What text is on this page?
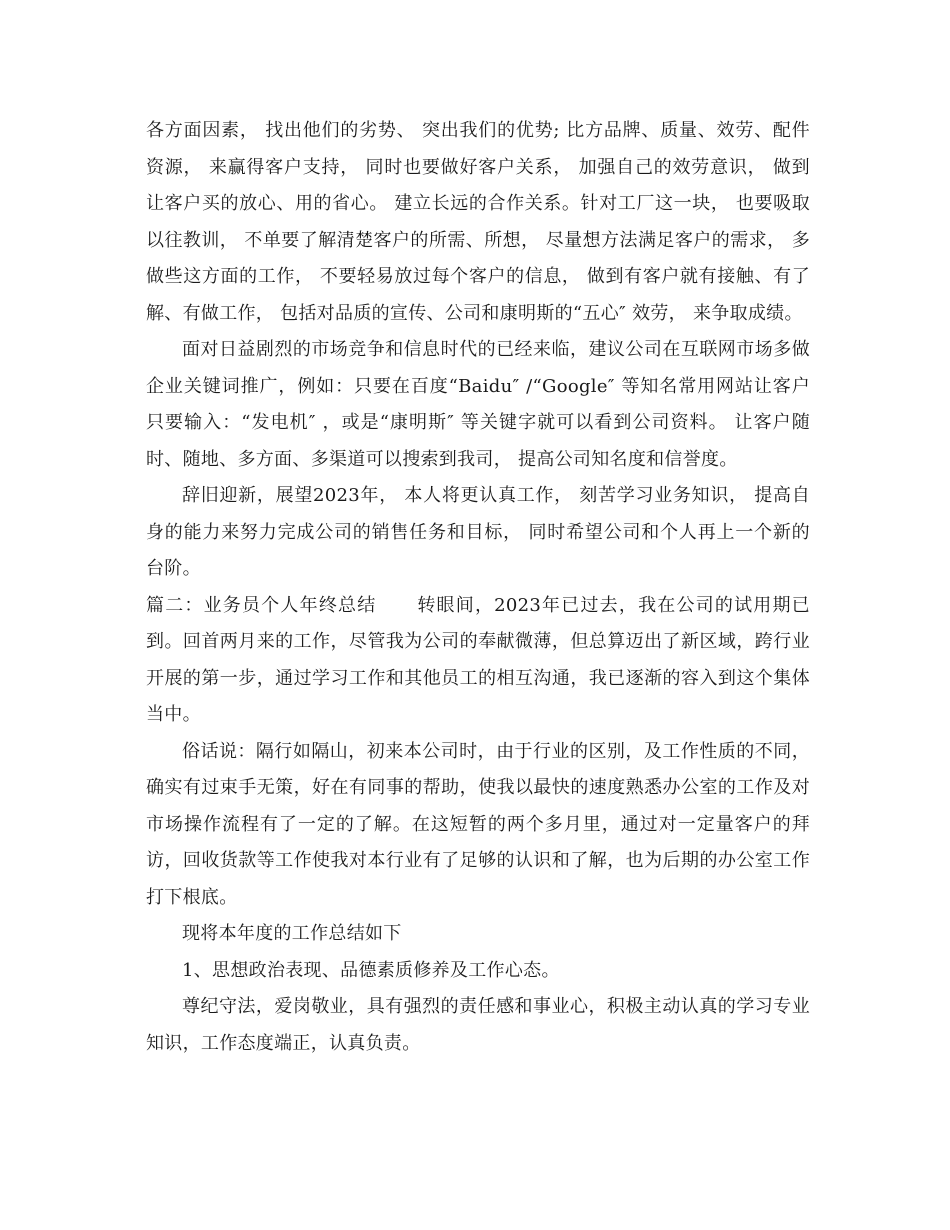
各方面因素， 找出他们的劣势、 突出我们的优势; 比方品牌、质量、效劳、配件资源， 来赢得客户支持， 同时也要做好客户关系， 加强自己的效劳意识， 做到让客户买的放心、用的省心。 建立长远的合作关系。针对工厂这一块， 也要吸取以往教训， 不单要了解清楚客户的所需、所想， 尽量想方法满足客户的需求， 多做些这方面的工作， 不要轻易放过每个客户的信息， 做到有客户就有接触、有了解、有做工作， 包括对品质的宣传、公司和康明斯的“五心″ 效劳， 来争取成绩。

面对日益剧烈的市场竞争和信息时代的已经来临，建议公司在互联网市场多做企业关键词推广，例如：只要在百度“Baidu″ /“Google″ 等知名常用网站让客户只要输入：“发电机″ ，或是“康明斯″ 等关键字就可以看到公司资料。 让客户随时、随地、多方面、多渠道可以搜索到我司， 提高公司知名度和信誉度。

辞旧迎新，展望2023年， 本人将更认真工作， 刻苦学习业务知识， 提高自身的能力来努力完成公司的销售任务和目标， 同时希望公司和个人再上一个新的台阶。

篇二：业务员个人年终总结 转眼间，2023年已过去，我在公司的试用期已到。回首两月来的工作，尽管我为公司的奉献微薄，但总算迈出了新区域，跨行业开展的第一步，通过学习工作和其他员工的相互沟通，我已逐渐的容入到这个集体当中。

俗话说：隔行如隔山，初来本公司时，由于行业的区别，及工作性质的不同，确实有过束手无策，好在有同事的帮助，使我以最快的速度熟悉办公室的工作及对市场操作流程有了一定的了解。在这短暂的两个多月里，通过对一定量客户的拜访，回收货款等工作使我对本行业有了足够的认识和了解，也为后期的办公室工作打下根底。

现将本年度的工作总结如下

1、思想政治表现、品德素质修养及工作心态。

尊纪守法，爱岗敬业，具有强烈的责任感和事业心，积极主动认真的学习专业知识，工作态度端正，认真负责。
